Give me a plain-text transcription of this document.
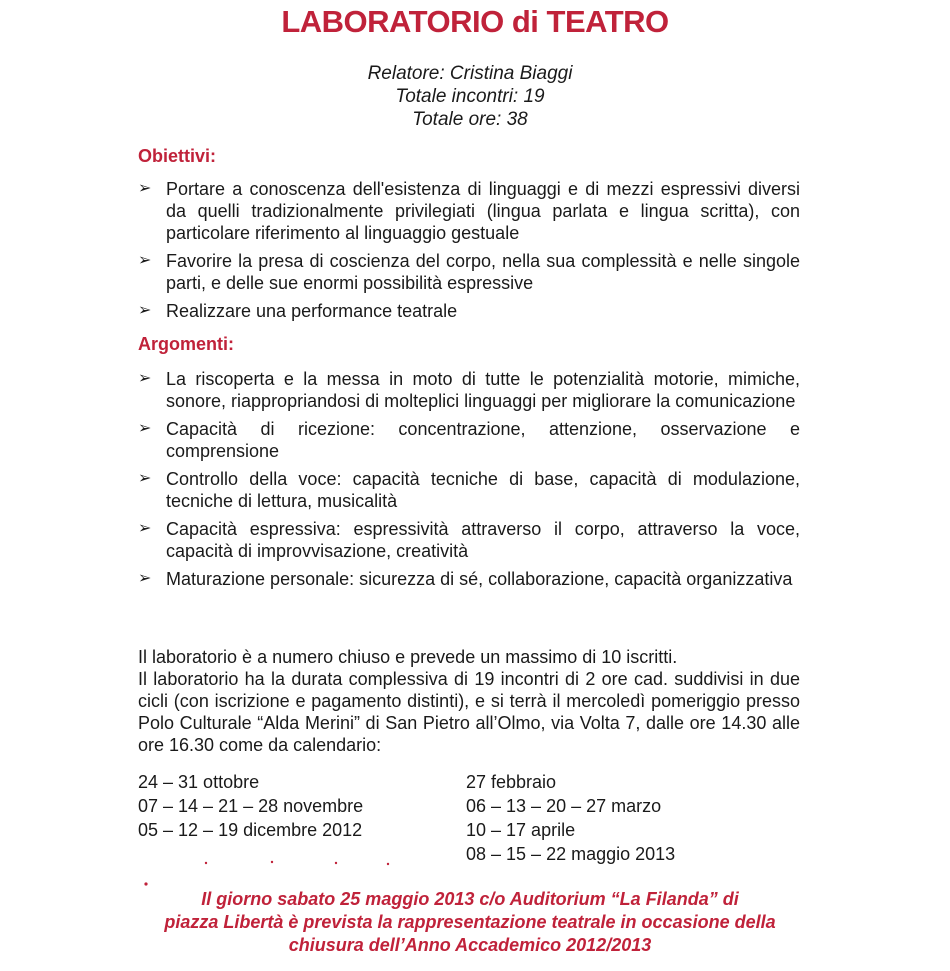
LABORATORIO di TEATRO
Relatore: Cristina Biaggi
Totale incontri: 19
Totale ore: 38
Obiettivi:
➢ Portare a conoscenza dell'esistenza di linguaggi e di mezzi espressivi diversi da quelli tradizionalmente privilegiati (lingua parlata e lingua scritta), con particolare riferimento al linguaggio gestuale
➢ Favorire la presa di coscienza del corpo, nella sua complessità e nelle singole parti, e delle sue enormi possibilità espressive
➢ Realizzare una performance teatrale
Argomenti:
➢ La riscoperta e la messa in moto di tutte le potenzialità motorie, mimiche, sonore, riappropriandosi di molteplici linguaggi per migliorare la comunicazione
➢ Capacità di ricezione: concentrazione, attenzione, osservazione e comprensione
➢ Controllo della voce: capacità tecniche di base, capacità di modulazione, tecniche di lettura, musicalità
➢ Capacità espressiva: espressività attraverso il corpo, attraverso la voce, capacità di improvvisazione, creatività
➢ Maturazione personale: sicurezza di sé, collaborazione, capacità organizzativa

Il laboratorio è a numero chiuso e prevede un massimo di 10 iscritti.

Il laboratorio ha la durata complessiva di 19 incontri di 2 ore cad. suddivisi in due cicli (con iscrizione e pagamento distinti), e si terrà il mercoledì pomeriggio presso Polo Culturale “Alda Merini” di San Pietro all’Olmo, via Volta 7, dalle ore 14.30 alle ore 16.30 come da calendario:

24 – 31 ottobre
07 – 14 – 21 – 28 novembre
05 – 12 – 19 dicembre 2012
27 febbraio
06 – 13 – 20 – 27 marzo
10 – 17 aprile
08 – 15 – 22 maggio 2013
Il giorno sabato 25 maggio 2013 c/o Auditorium “La Filanda” di
piazza Libertà è prevista la rappresentazione teatrale in occasione della
chiusura dell’Anno Accademico 2012/2013
